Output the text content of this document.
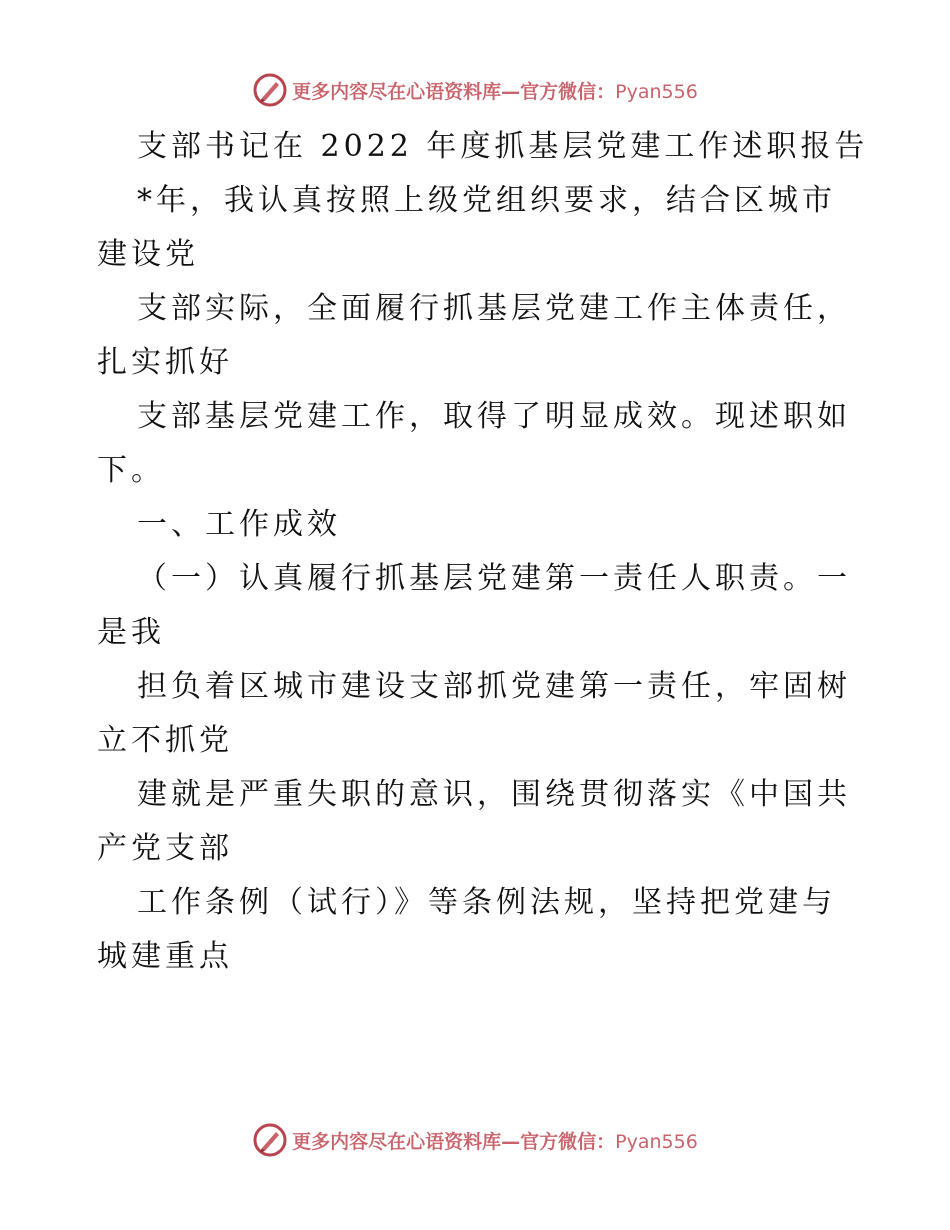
更多内容尽在心语资料库—官方微信：Pyan556
支部书记在 2022 年度抓基层党建工作述职报告
*年，我认真按照上级党组织要求，结合区城市
建设党
支部实际，全面履行抓基层党建工作主体责任，
扎实抓好
支部基层党建工作，取得了明显成效。现述职如
下。
一、工作成效
（一）认真履行抓基层党建第一责任人职责。一
是我
担负着区城市建设支部抓党建第一责任，牢固树
立不抓党
建就是严重失职的意识，围绕贯彻落实《中国共
产党支部
工作条例（试行）》等条例法规，坚持把党建与
城建重点
更多内容尽在心语资料库—官方微信：Pyan556
